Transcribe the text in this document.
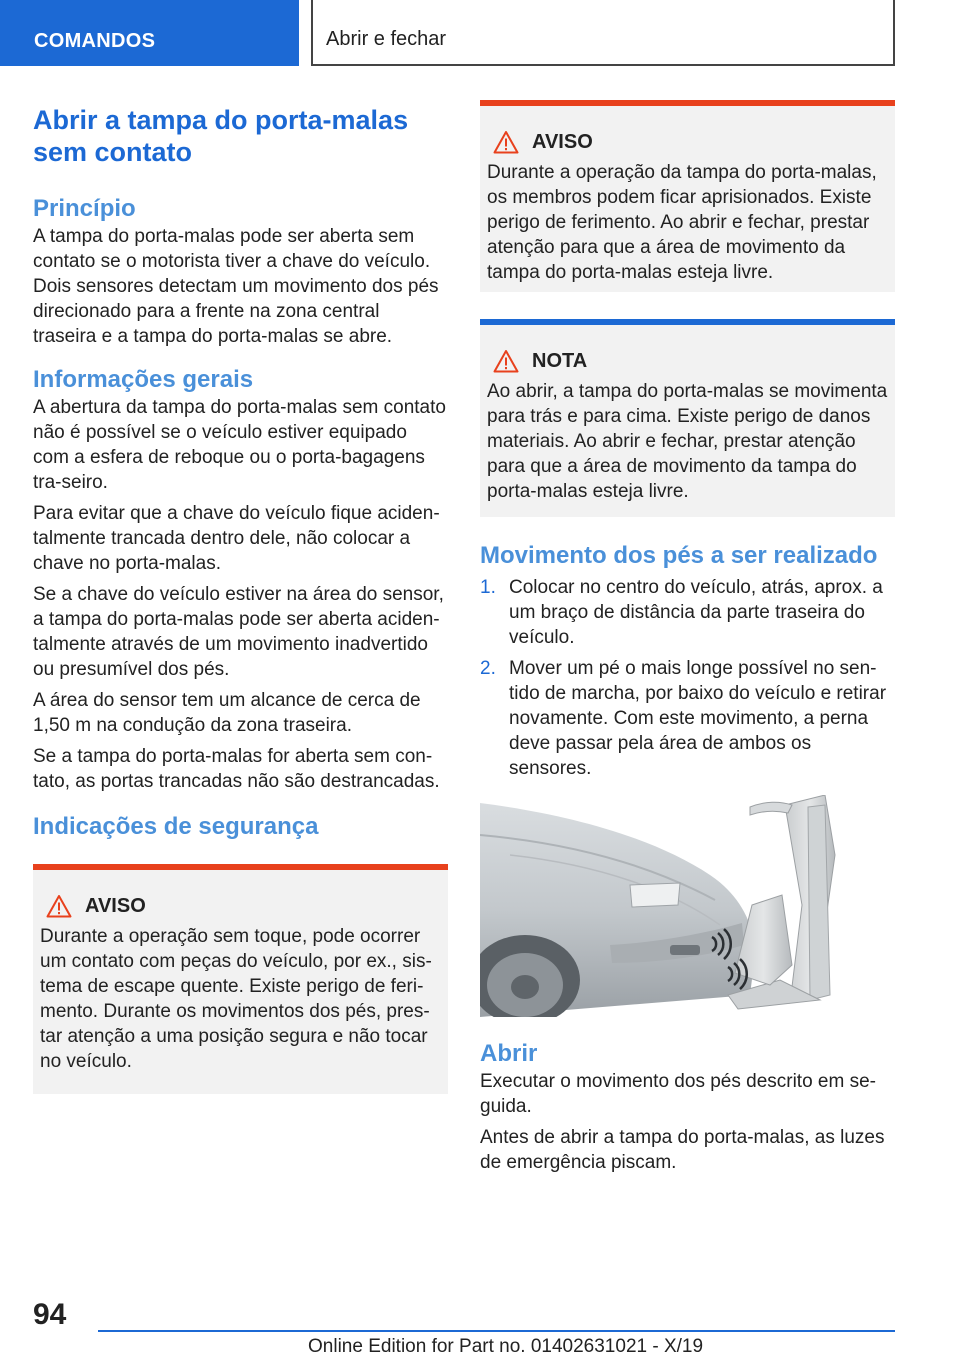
COMANDOS	Abrir e fechar
Abrir a tampa do porta-malas sem contato
Princípio

A tampa do porta-malas pode ser aberta sem contato se o motorista tiver a chave do veículo. Dois sensores detectam um movimento dos pés direcionado para a frente na zona central traseira e a tampa do porta-malas se abre.

Informações gerais

A abertura da tampa do porta-malas sem contato não é possível se o veículo estiver equipado com a esfera de reboque ou o porta-bagagens tra-seiro.

Para evitar que a chave do veículo fique aciden-talmente trancada dentro dele, não colocar a chave no porta-malas.

Se a chave do veículo estiver na área do sensor, a tampa do porta-malas pode ser aberta aciden-talmente através de um movimento inadvertido ou presumível dos pés.

A área do sensor tem um alcance de cerca de 1,50 m na condução da zona traseira.

Se a tampa do porta-malas for aberta sem con-tato, as portas trancadas não são destrancadas.

Indicações de segurança
AVISO

Durante a operação sem toque, pode ocorrer um contato com peças do veículo, por ex., sis-tema de escape quente. Existe perigo de feri-mento. Durante os movimentos dos pés, pres-tar atenção a uma posição segura e não tocar no veículo.

AVISO

Durante a operação da tampa do porta-malas, os membros podem ficar aprisionados. Existe perigo de ferimento. Ao abrir e fechar, prestar atenção para que a área de movimento da tampa do porta-malas esteja livre.

NOTA

Ao abrir, a tampa do porta-malas se movimenta para trás e para cima. Existe perigo de danos materiais. Ao abrir e fechar, prestar atenção para que a área de movimento da tampa do porta-malas esteja livre.

Movimento dos pés a ser realizado
1. Colocar no centro do veículo, atrás, aprox. a um braço de distância da parte traseira do veículo.
2. Mover um pé o mais longe possível no sen-tido de marcha, por baixo do veículo e retirar novamente. Com este movimento, a perna deve passar pela área de ambos os sensores.
Abrir

Executar o movimento dos pés descrito em se-guida.

Antes de abrir a tampa do porta-malas, as luzes de emergência piscam.

94
Online Edition for Part no. 01402631021 - X/19
